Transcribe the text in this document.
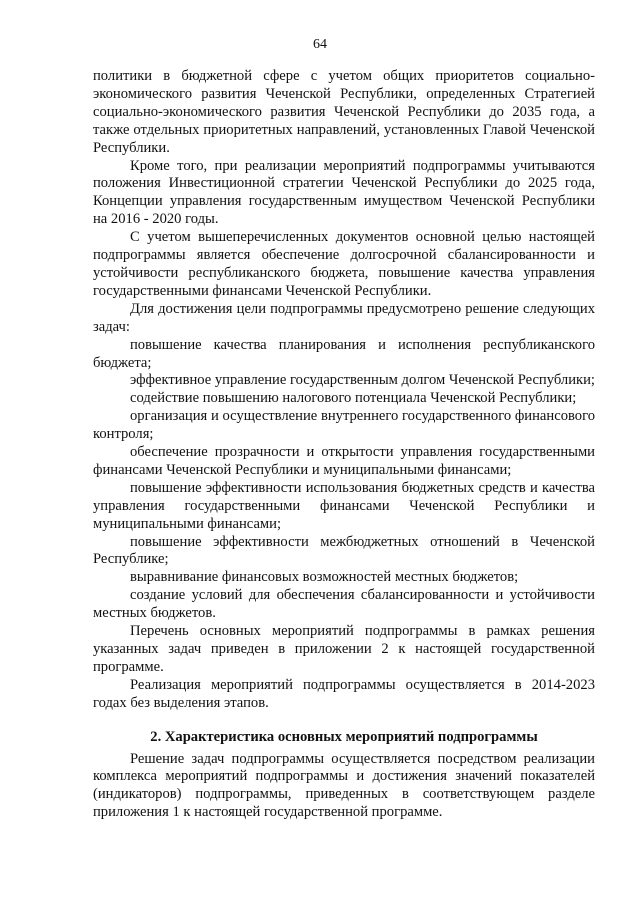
64

политики в бюджетной сфере с учетом общих приоритетов социально-экономического развития Чеченской Республики, определенных Стратегией социально-экономического развития Чеченской Республики до 2035 года, а также отдельных приоритетных направлений, установленных Главой Чеченской Республики.

Кроме того, при реализации мероприятий подпрограммы учитываются положения Инвестиционной стратегии Чеченской Республики до 2025 года, Концепции управления государственным имуществом Чеченской Республики на 2016 - 2020 годы.

С учетом вышеперечисленных документов основной целью настоящей подпрограммы является обеспечение долгосрочной сбалансированности и устойчивости республиканского бюджета, повышение качества управления государственными финансами Чеченской Республики.

Для достижения цели подпрограммы предусмотрено решение следующих задач:

повышение качества планирования и исполнения республиканского бюджета;

эффективное управление государственным долгом Чеченской Республики;

содействие повышению налогового потенциала Чеченской Республики;

организация и осуществление внутреннего государственного финансового контроля;

обеспечение прозрачности и открытости управления государственными финансами Чеченской Республики и муниципальными финансами;

повышение эффективности использования бюджетных средств и качества управления государственными финансами Чеченской Республики и муниципальными финансами;

повышение эффективности межбюджетных отношений в Чеченской Республике;

выравнивание финансовых возможностей местных бюджетов;

создание условий для обеспечения сбалансированности и устойчивости местных бюджетов.

Перечень основных мероприятий подпрограммы в рамках решения указанных задач приведен в приложении 2 к настоящей государственной программе.

Реализация мероприятий подпрограммы осуществляется в 2014-2023 годах без выделения этапов.

2. Характеристика основных мероприятий подпрограммы

Решение задач подпрограммы осуществляется посредством реализации комплекса мероприятий подпрограммы и достижения значений показателей (индикаторов) подпрограммы, приведенных в соответствующем разделе приложения 1 к настоящей государственной программе.
